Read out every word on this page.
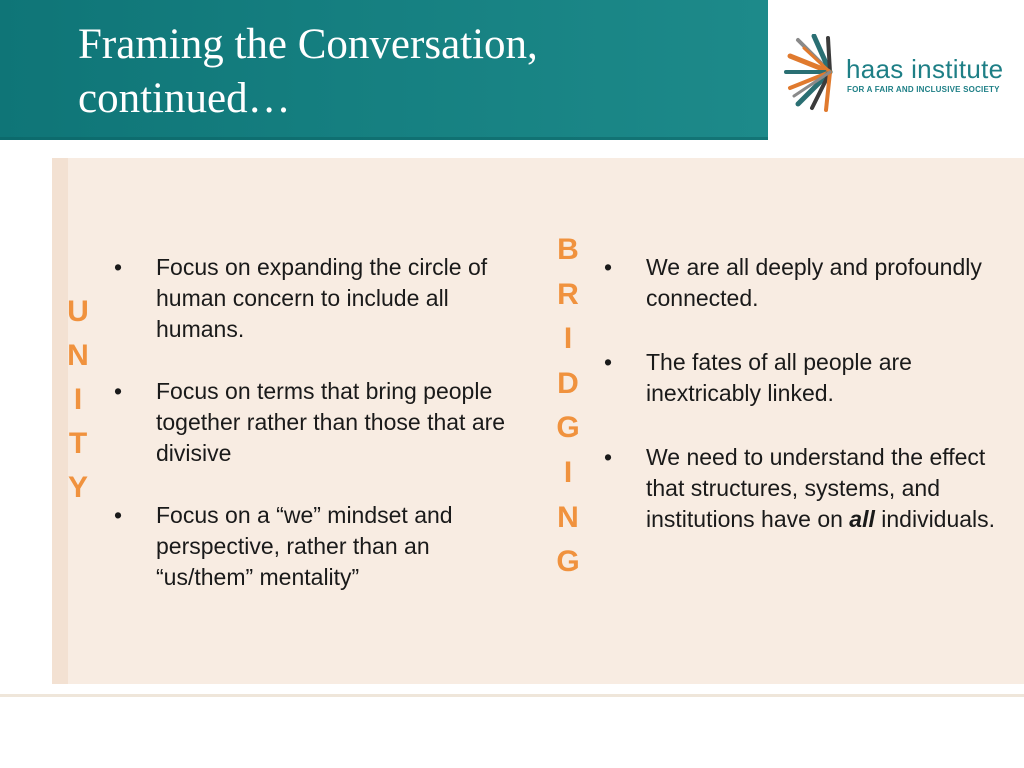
Framing the Conversation,
continued…
haas institute
FOR A FAIR AND INCLUSIVE SOCIETY
U
N
I
T
Y
• Focus on expanding the circle of human concern to include all humans.
• Focus on terms that bring people together rather than those that are divisive
• Focus on a “we” mindset and perspective, rather than an “us/them” mentality”
B
R
I
D
G
I
N
G
• We are all deeply and profoundly connected.
• The fates of all people are inextricably linked.
• We need to understand the effect that structures, systems, and institutions have on all individuals.
